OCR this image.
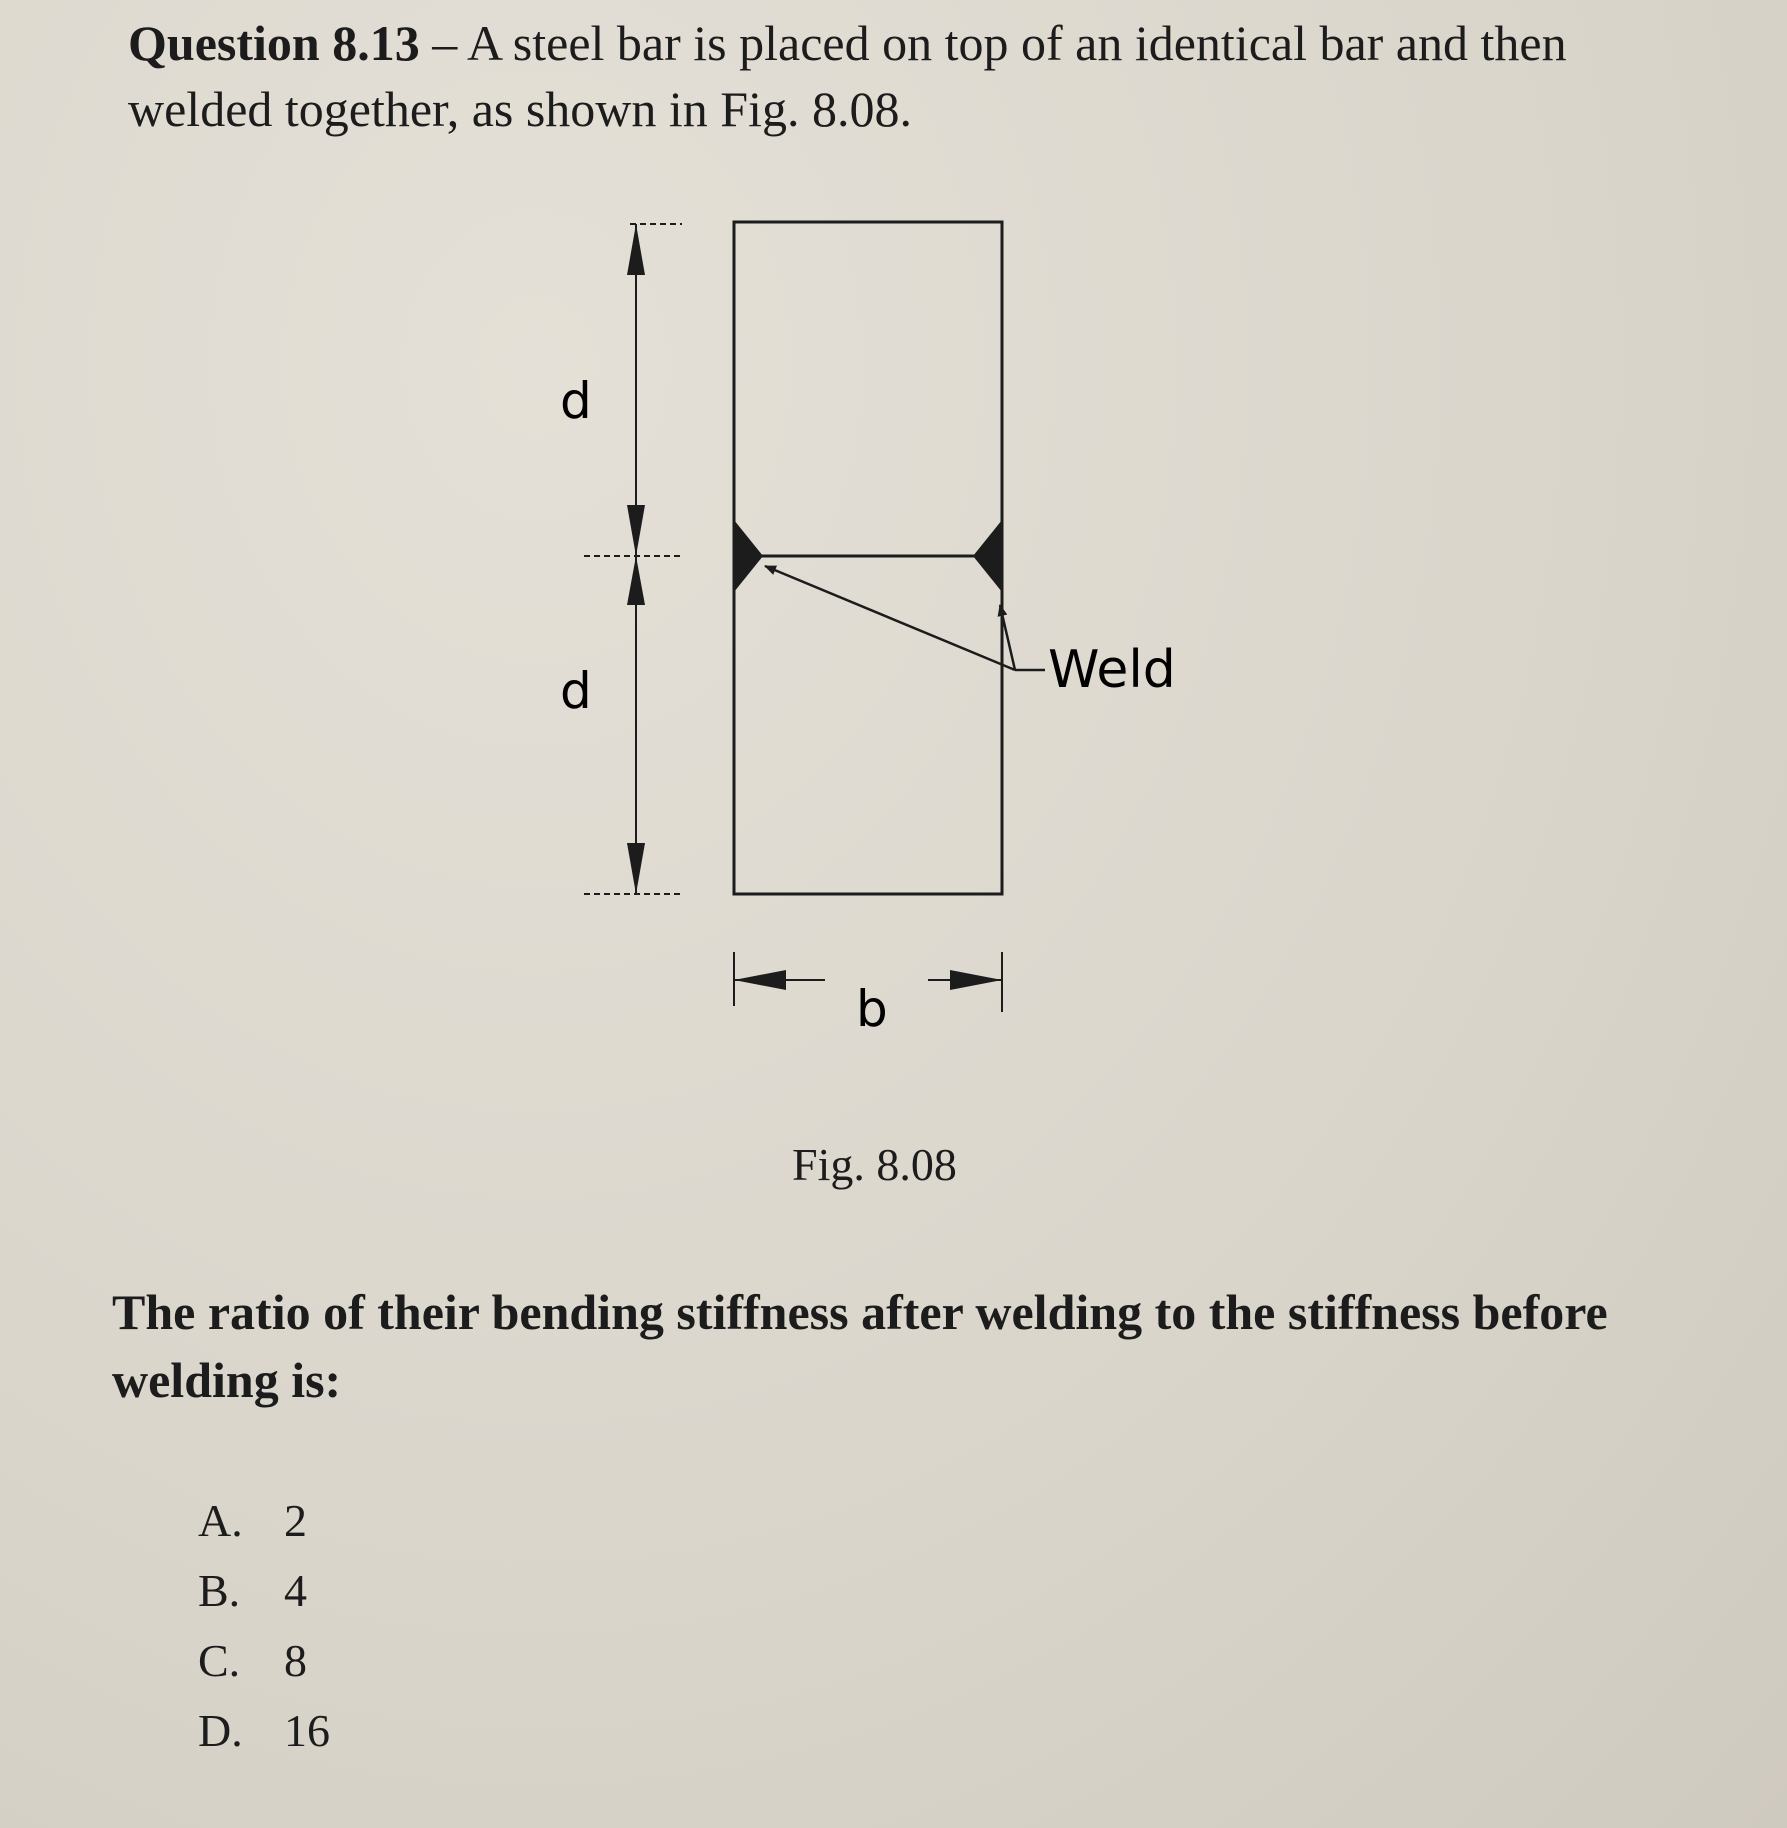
Question 8.13 – A steel bar is placed on top of an identical bar and then welded together, as shown in Fig. 8.08.

d
d
b
Weld

Fig. 8.08

The ratio of their bending stiffness after welding to the stiffness before welding is:

A. 2
B. 4
C. 8
D. 16
